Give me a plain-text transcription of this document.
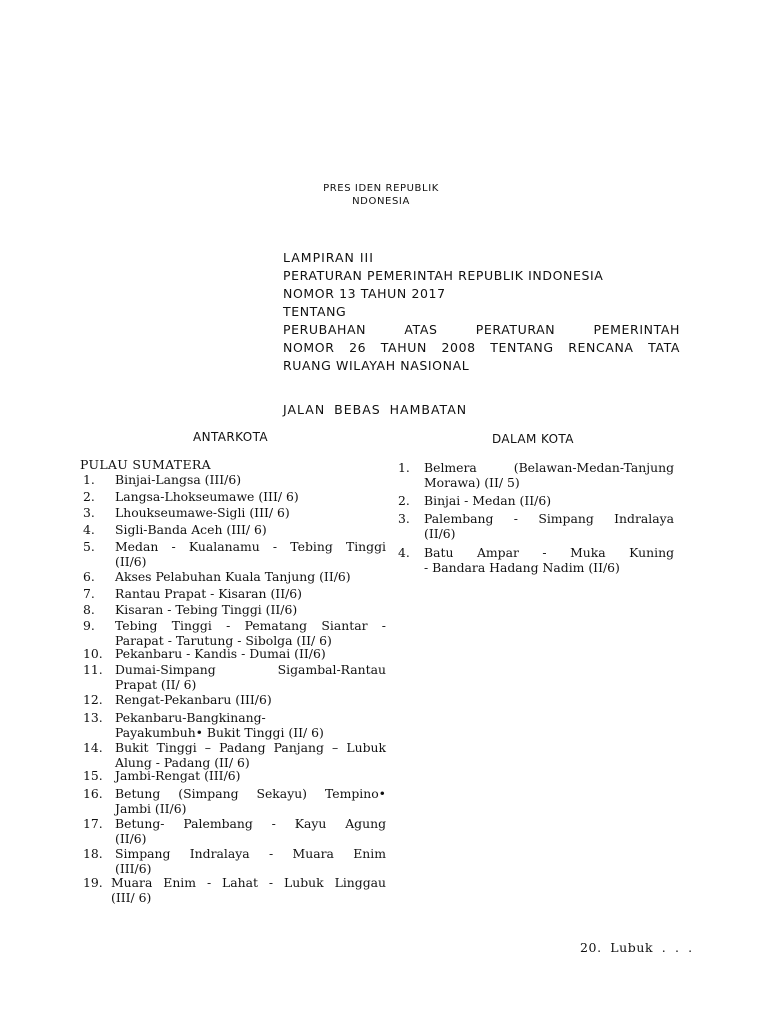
PRES IDEN REPUBLIK
NDONESIA
LAMPIRAN III
PERATURAN PEMERINTAH REPUBLIK INDONESIA
NOMOR 13 TAHUN 2017
TENTANG
PERUBAHAN ATAS PERATURAN PEMERINTAH
NOMOR 26 TAHUN 2008 TENTANG RENCANA TATA
RUANG WILAYAH NASIONAL
JALAN BEBAS HAMBATAN
ANTARKOTA	DALAM KOTA
PULAU SUMATERA
1.	Binjai-Langsa (III/6)
2.	Langsa-Lhokseumawe (III/ 6)
3.	Lhoukseumawe-Sigli (III/ 6)
4.	Sigli-Banda Aceh (III/ 6)
5.	Medan - Kualanamu - Tebing Tinggi
(II/6)
6.	Akses Pelabuhan Kuala Tanjung (II/6)
7.	Rantau Prapat - Kisaran (II/6)
8.	Kisaran - Tebing Tinggi (II/6)
9.	Tebing Tinggi - Pematang Siantar -
Parapat - Tarutung - Sibolga (II/ 6)
10. Pekanbaru - Kandis - Dumai (II/6)
11. Dumai-Simpang Sigambal-Rantau
Prapat (II/ 6)
12. Rengat-Pekanbaru (III/6)
13. Pekanbaru-Bangkinang-
Payakumbuh• Bukit Tinggi (II/ 6)
14. Bukit Tinggi – Padang Panjang – Lubuk
Alung - Padang (II/ 6)
15. Jambi-Rengat (III/6)
16. Betung (Simpang Sekayu) Tempino•
Jambi (II/6)
17. Betung- Palembang - Kayu Agung
(II/6)
18. Simpang Indralaya - Muara Enim
(III/6)
19. Muara Enim - Lahat - Lubuk Linggau
(III/ 6)
1.	Belmera (Belawan-Medan-Tanjung
Morawa) (II/ 5)
2.	Binjai - Medan (II/6)
3.	Palembang - Simpang Indralaya
(II/6)
4.	Batu Ampar - Muka Kuning
- Bandara Hadang Nadim (II/6)
20. Lubuk . . .
